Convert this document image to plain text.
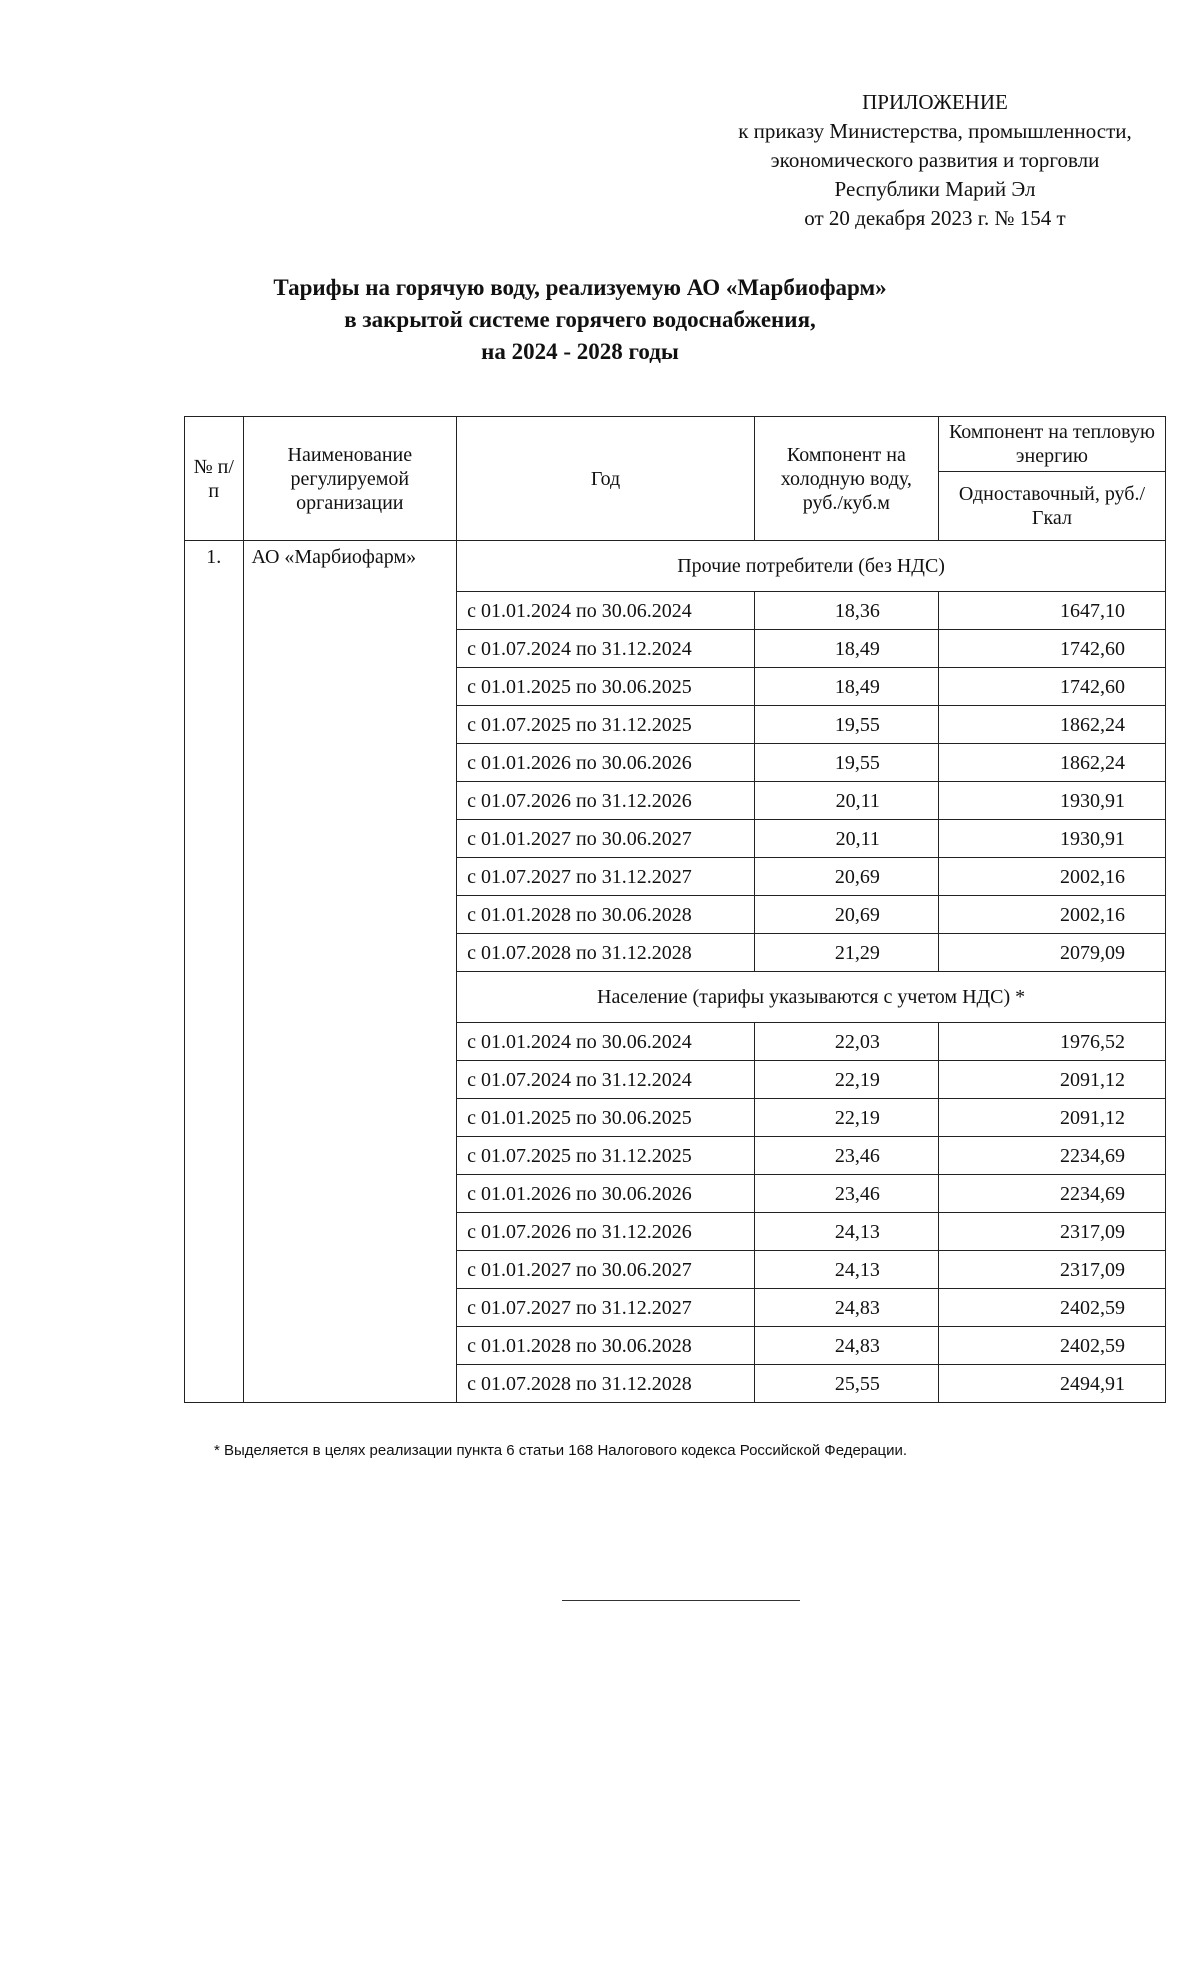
ПРИЛОЖЕНИЕ
к приказу Министерства, промышленности,
экономического развития и торговли
Республики Марий Эл
от 20 декабря 2023 г. № 154 т
Тарифы на горячую воду, реализуемую АО «Марбиофарм»
в закрытой системе горячего водоснабжения,
на 2024 - 2028 годы
№ п/п	Наименование регулируемой организации	Год	Компонент на холодную воду, руб./куб.м	Компонент на тепловую энергию
				Одноставочный, руб./Гкал
1.	АО «Марбиофарм»	Прочие потребители (без НДС)		
		с 01.01.2024 по 30.06.2024	18,36	1647,10
		с 01.07.2024 по 31.12.2024	18,49	1742,60
		с 01.01.2025 по 30.06.2025	18,49	1742,60
		с 01.07.2025 по 31.12.2025	19,55	1862,24
		с 01.01.2026 по 30.06.2026	19,55	1862,24
		с 01.07.2026 по 31.12.2026	20,11	1930,91
		с 01.01.2027 по 30.06.2027	20,11	1930,91
		с 01.07.2027 по 31.12.2027	20,69	2002,16
		с 01.01.2028 по 30.06.2028	20,69	2002,16
		с 01.07.2028 по 31.12.2028	21,29	2079,09
		Население (тарифы указываются с учетом НДС) *		
		с 01.01.2024 по 30.06.2024	22,03	1976,52
		с 01.07.2024 по 31.12.2024	22,19	2091,12
		с 01.01.2025 по 30.06.2025	22,19	2091,12
		с 01.07.2025 по 31.12.2025	23,46	2234,69
		с 01.01.2026 по 30.06.2026	23,46	2234,69
		с 01.07.2026 по 31.12.2026	24,13	2317,09
		с 01.01.2027 по 30.06.2027	24,13	2317,09
		с 01.07.2027 по 31.12.2027	24,83	2402,59
		с 01.01.2028 по 30.06.2028	24,83	2402,59
		с 01.07.2028 по 31.12.2028	25,55	2494,91
* Выделяется в целях реализации пункта 6 статьи 168 Налогового кодекса Российской Федерации.
